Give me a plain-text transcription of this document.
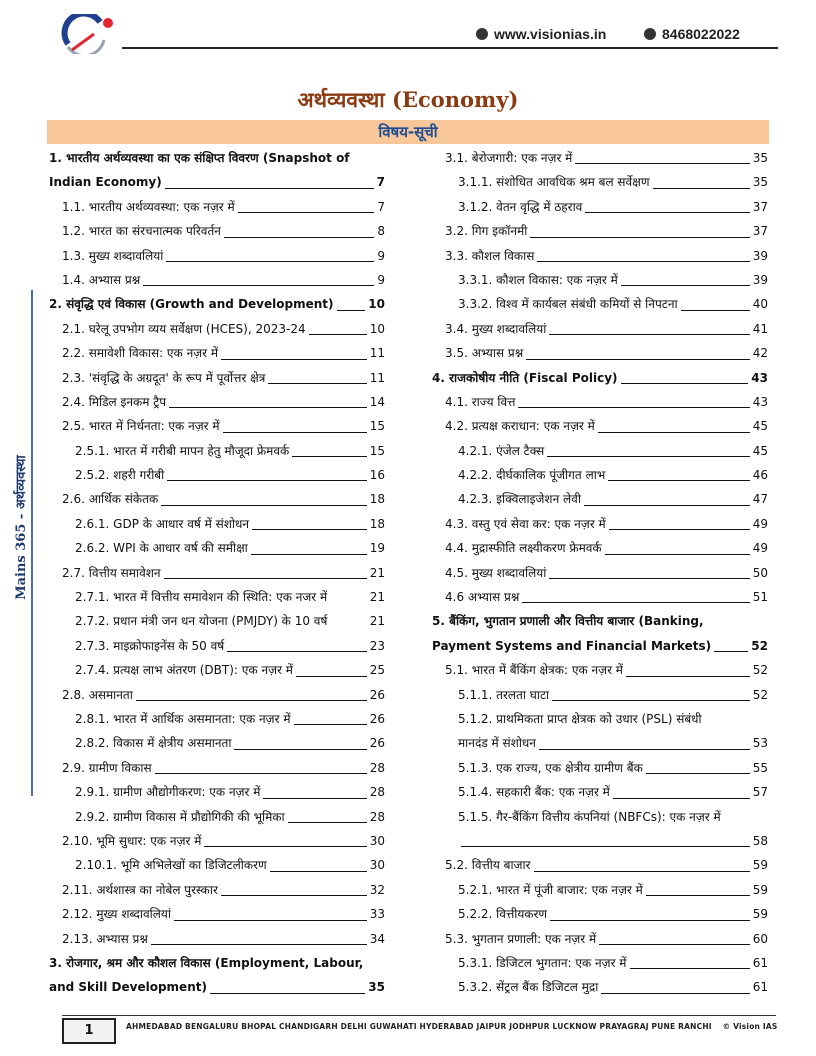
www.visionias.in	8468022022
अर्थव्यवस्था (Economy)
विषय-सूची
Mains 365 - अर्थव्यवस्था
1. भारतीय अर्थव्यवस्था का एक संक्षिप्त विवरण (Snapshot of
Indian Economy)	7
1.1. भारतीय अर्थव्यवस्था: एक नज़र में	7
1.2. भारत का संरचनात्मक परिवर्तन	8
1.3. मुख्य शब्दावलियां	9
1.4. अभ्यास प्रश्न	9
2. संवृद्धि एवं विकास (Growth and Development)	10
2.1. घरेलू उपभोग व्यय सर्वेक्षण (HCES), 2023-24	10
2.2. समावेशी विकास: एक नज़र में	11
2.3. 'संवृद्धि के अग्रदूत' के रूप में पूर्वोत्तर क्षेत्र	11
2.4. मिडिल इनकम ट्रैप	14
2.5. भारत में निर्धनता: एक नज़र में	15
2.5.1. भारत में गरीबी मापन हेतु मौजूदा फ्रेमवर्क	15
2.5.2. शहरी गरीबी	16
2.6. आर्थिक संकेतक	18
2.6.1. GDP के आधार वर्ष में संशोधन	18
2.6.2. WPI के आधार वर्ष की समीक्षा	19
2.7. वित्तीय समावेशन	21
2.7.1. भारत में वित्तीय समावेशन की स्थिति: एक नजर में	21
2.7.2. प्रधान मंत्री जन धन योजना (PMJDY) के 10 वर्ष	21
2.7.3. माइक्रोफाइनेंस के 50 वर्ष	23
2.7.4. प्रत्यक्ष लाभ अंतरण (DBT): एक नज़र में	25
2.8. असमानता	26
2.8.1. भारत में आर्थिक असमानता: एक नज़र में	26
2.8.2. विकास में क्षेत्रीय असमानता	26
2.9. ग्रामीण विकास	28
2.9.1. ग्रामीण औद्योगीकरण: एक नज़र में	28
2.9.2. ग्रामीण विकास में प्रौद्योगिकी की भूमिका	28
2.10. भूमि सुधार: एक नज़र में	30
2.10.1. भूमि अभिलेखों का डिजिटलीकरण	30
2.11. अर्थशास्त्र का नोबेल पुरस्कार	32
2.12. मुख्य शब्दावलियां	33
2.13. अभ्यास प्रश्न	34
3. रोजगार, श्रम और कौशल विकास (Employment, Labour,
and Skill Development)	35
3.1. बेरोजगारी: एक नज़र में	35
3.1.1. संशोधित आवधिक श्रम बल सर्वेक्षण	35
3.1.2. वेतन वृद्धि में ठहराव	37
3.2. गिग इकॉनमी	37
3.3. कौशल विकास	39
3.3.1. कौशल विकास: एक नज़र में	39
3.3.2. विश्व में कार्यबल संबंधी कमियों से निपटना	40
3.4. मुख्य शब्दावलियां	41
3.5. अभ्यास प्रश्न	42
4. राजकोषीय नीति (Fiscal Policy)	43
4.1. राज्य वित्त	43
4.2. प्रत्यक्ष कराधान: एक नज़र में	45
4.2.1. एंजेल टैक्स	45
4.2.2. दीर्घकालिक पूंजीगत लाभ	46
4.2.3. इक्विलाइजेशन लेवी	47
4.3. वस्तु एवं सेवा कर: एक नज़र में	49
4.4. मुद्रास्फीति लक्ष्यीकरण फ्रेमवर्क	49
4.5. मुख्य शब्दावलियां	50
4.6 अभ्यास प्रश्न	51
5. बैंकिंग, भुगतान प्रणाली और वित्तीय बाजार (Banking,
Payment Systems and Financial Markets)	52
5.1. भारत में बैंकिंग क्षेत्रक: एक नज़र में	52
5.1.1. तरलता घाटा	52
5.1.2. प्राथमिकता प्राप्त क्षेत्रक को उधार (PSL) संबंधी
मानदंड में संशोधन	53
5.1.3. एक राज्य, एक क्षेत्रीय ग्रामीण बैंक	55
5.1.4. सहकारी बैंक: एक नज़र में	57
5.1.5. गैर-बैंकिंग वित्तीय कंपनियां (NBFCs): एक नज़र में
58
5.2. वित्तीय बाजार	59
5.2.1. भारत में पूंजी बाजार: एक नज़र में	59
5.2.2. वित्तीयकरण	59
5.3. भुगतान प्रणाली: एक नज़र में	60
5.3.1. डिजिटल भुगतान: एक नज़र में	61
5.3.2. सेंट्रल बैंक डिजिटल मुद्रा	61
1	AHMEDABAD BENGALURU BHOPAL CHANDIGARH DELHI GUWAHATI HYDERABAD JAIPUR JODHPUR LUCKNOW PRAYAGRAJ PUNE RANCHI © Vision IAS
